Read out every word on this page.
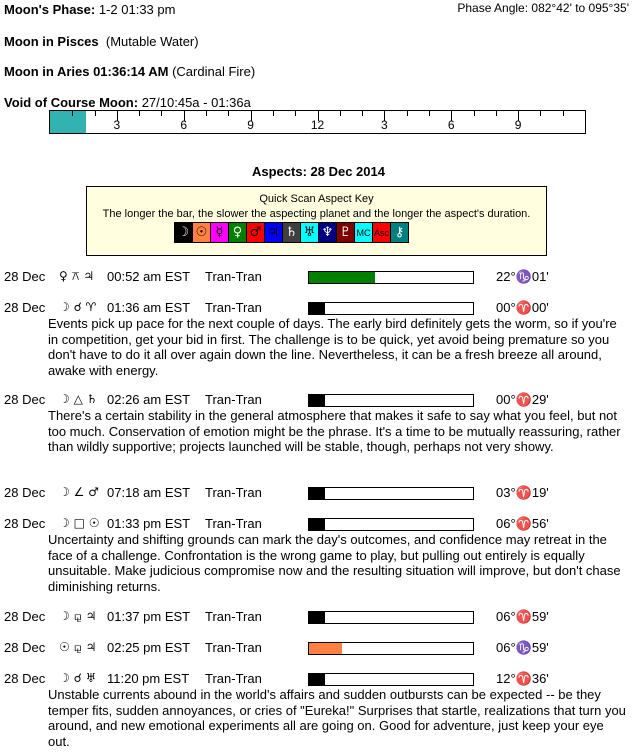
Moon's Phase: 1-2 01:33 pm	Phase Angle: 082°42' to 095°35'
Moon in Pisces (Mutable Water)
Moon in Aries 01:36:14 AM (Cardinal Fire)
Void of Course Moon: 27/10:45a - 01:36a
3	6	9	12	3	6	9
Aspects: 28 Dec 2014
Quick Scan Aspect Key
The longer the bar, the slower the aspecting planet and the longer the aspect's duration.
☽ ☉ ☿ ♀ ♂ ♃ ♄ ♅ ♆ ♇ MC Asc ⚷
28 Dec ♀ ⚻ ♃ 00:52 am EST Tran-Tran	22°♑01'
28 Dec ☽ ☌ ♈ 01:36 am EST Tran-Tran	00°♈00'
Events pick up pace for the next couple of days. The early bird definitely gets the worm, so if you're in competition, get your bid in first. The challenge is to be quick, yet avoid being premature so you don't have to do it all over again down the line. Nevertheless, it can be a fresh breeze all around, awake with energy.
28 Dec ☽ △ ♄ 02:26 am EST Tran-Tran	00°♈29'
There's a certain stability in the general atmosphere that makes it safe to say what you feel, but not too much. Conservation of emotion might be the phrase. It's a time to be mutually reassuring, rather than wildly supportive; projects launched will be stable, though, perhaps not very showy.
28 Dec ☽ ∠ ♂ 07:18 am EST Tran-Tran	03°♈19'
28 Dec ☽ □ ☉ 01:33 pm EST Tran-Tran	06°♈56'
Uncertainty and shifting grounds can mark the day's outcomes, and confidence may retreat in the face of a challenge. Confrontation is the wrong game to play, but pulling out entirely is equally unsuitable. Make judicious compromise now and the resulting situation will improve, but don't chase diminishing returns.
28 Dec ☽ ⚼ ♃ 01:37 pm EST Tran-Tran	06°♈59'
28 Dec ☉ ⚼ ♃ 02:25 pm EST Tran-Tran	06°♑59'
28 Dec ☽ ☌ ♅ 11:20 pm EST Tran-Tran	12°♈36'
Unstable currents abound in the world's affairs and sudden outbursts can be expected -- be they temper fits, sudden annoyances, or cries of "Eureka!" Surprises that startle, realizations that turn you around, and new emotional experiments all are going on. Good for adventure, just keep your eye out.
